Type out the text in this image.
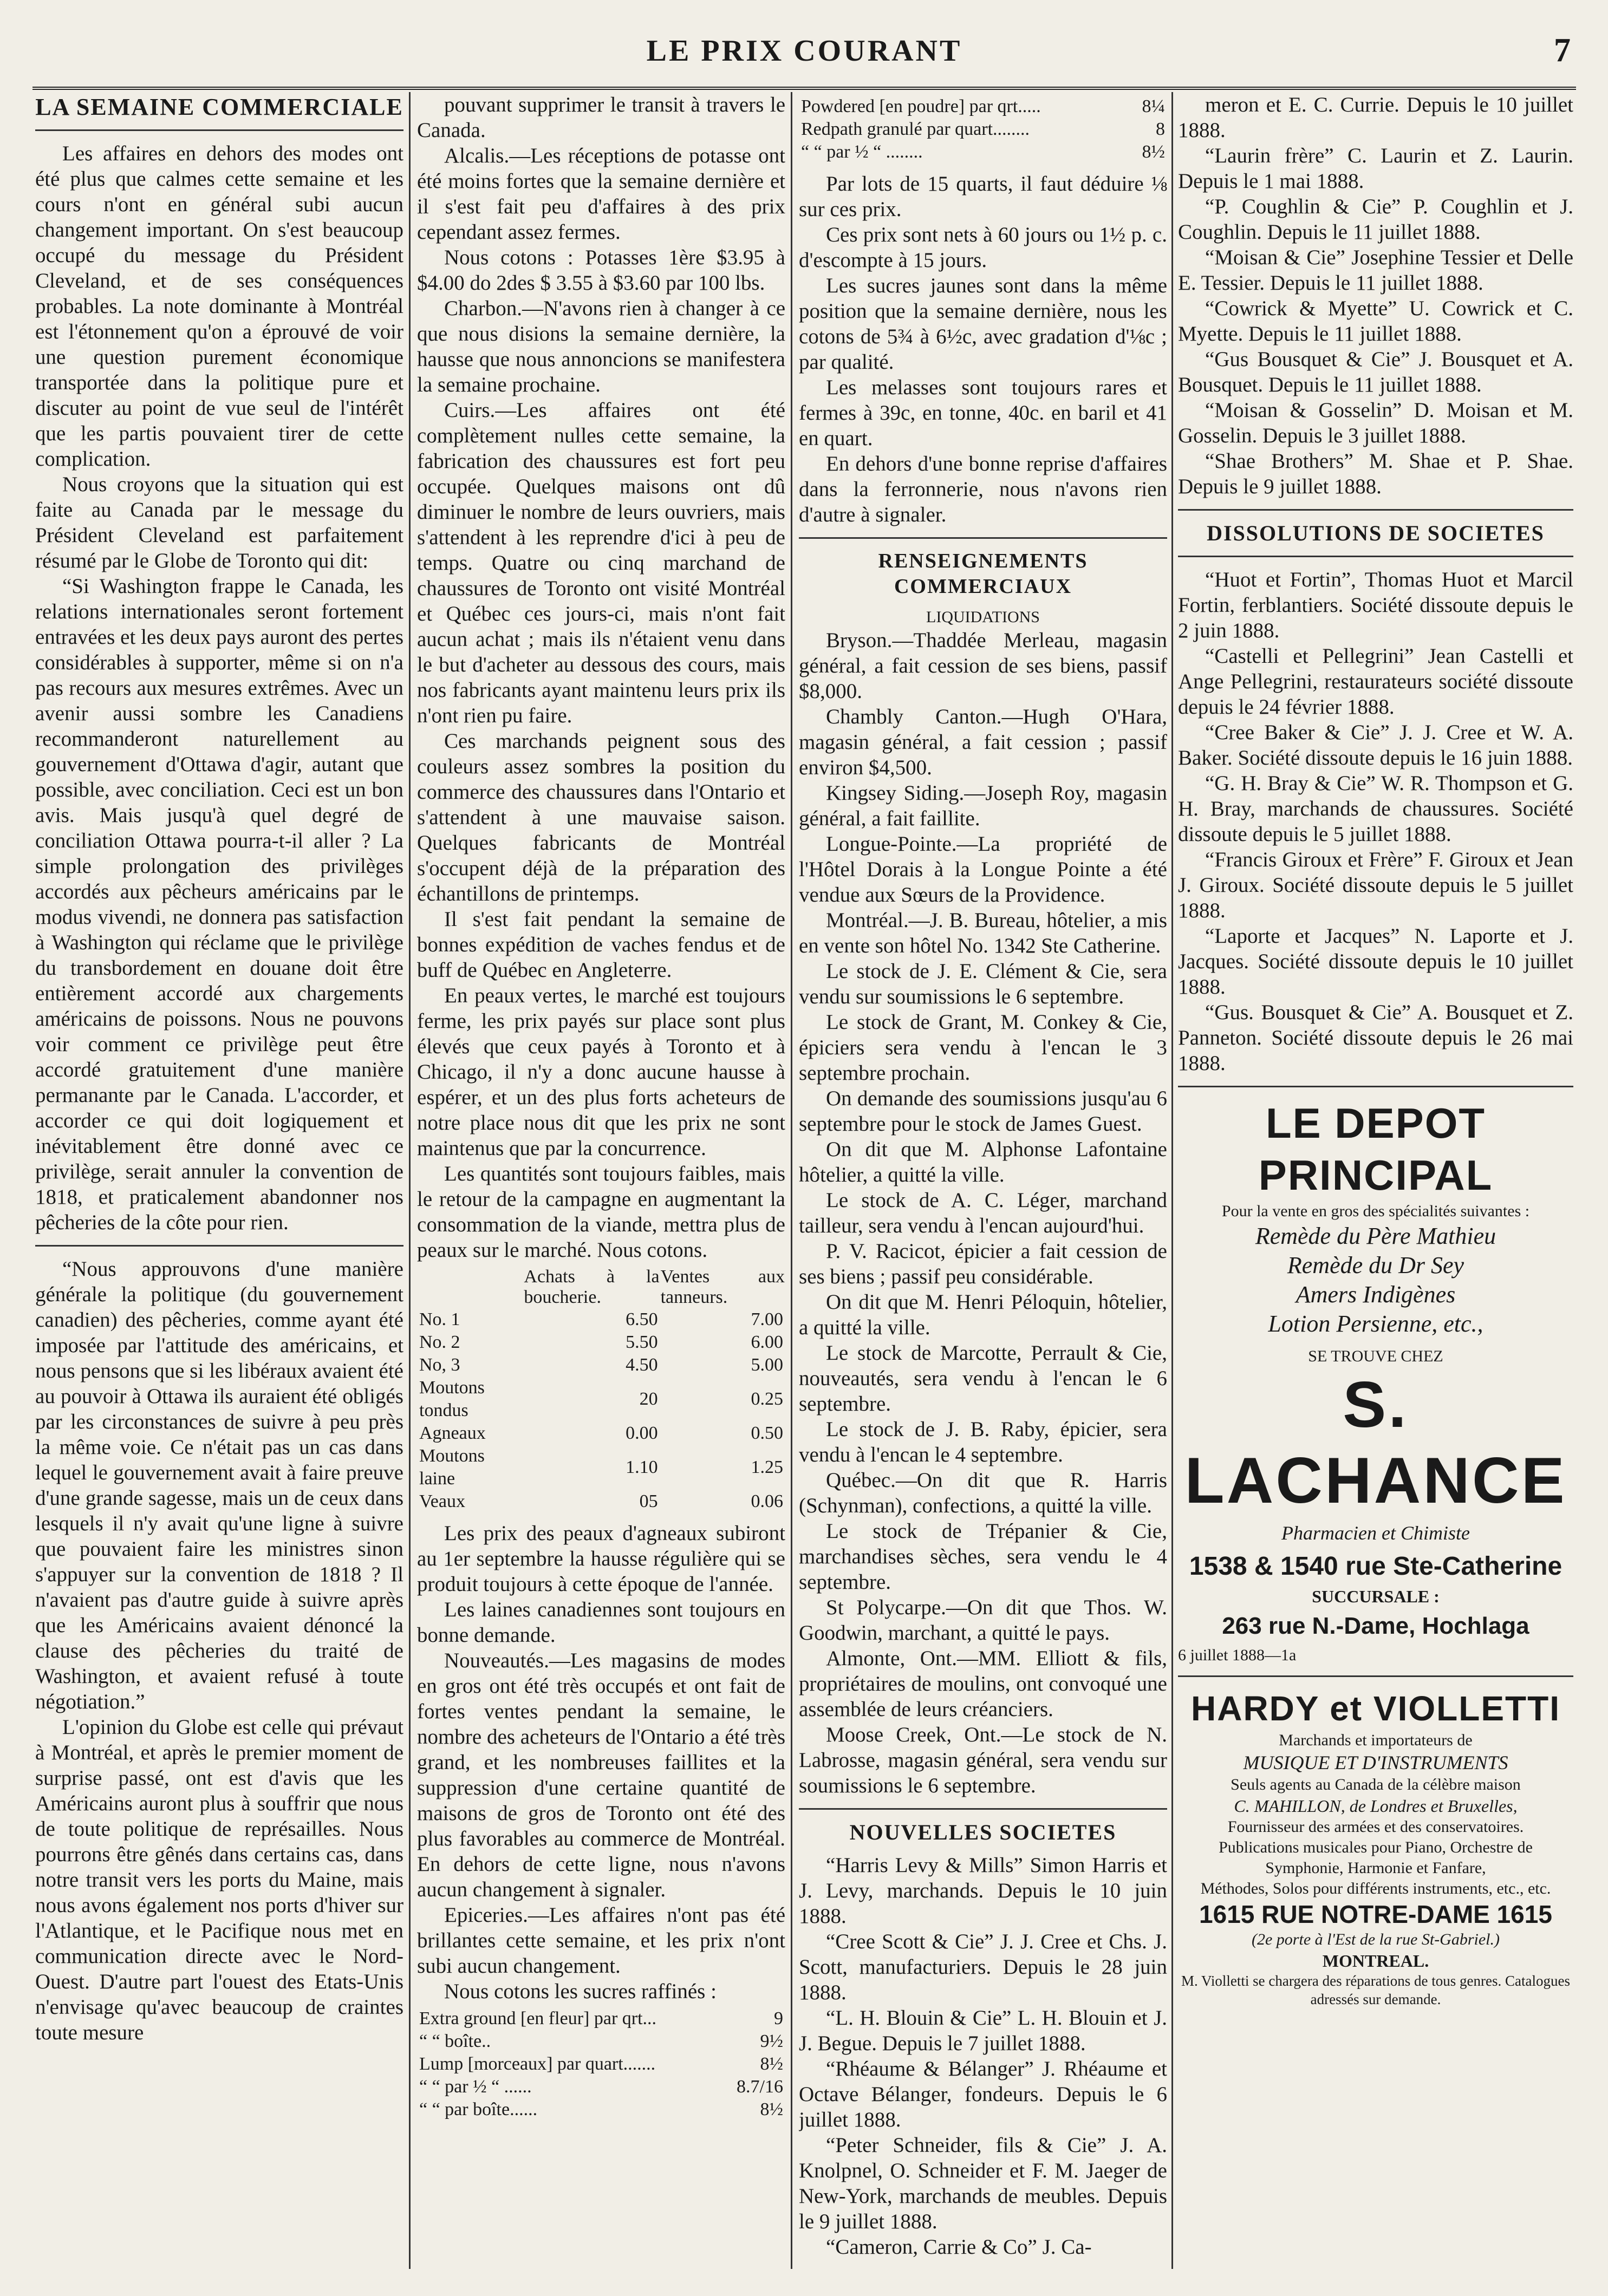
LE PRIX COURANT	7
LA SEMAINE COMMERCIALE

Les affaires en dehors des modes ont été plus que calmes cette semaine et les cours n'ont en général subi aucun changement important. On s'est beaucoup occupé du message du Président Cleveland, et de ses conséquences probables. La note dominante à Montréal est l'étonnement qu'on a éprouvé de voir une question purement économique transportée dans la politique pure et discuter au point de vue seul de l'intérêt que les partis pouvaient tirer de cette complication.

Nous croyons que la situation qui est faite au Canada par le message du Président Cleveland est parfaitement résumé par le Globe de Toronto qui dit:

“Si Washington frappe le Canada, les relations internationales seront fortement entravées et les deux pays auront des pertes considérables à supporter, même si on n'a pas recours aux mesures extrêmes. Avec un avenir aussi sombre les Canadiens recommanderont naturellement au gouvernement d'Ottawa d'agir, autant que possible, avec conciliation. Ceci est un bon avis. Mais jusqu'à quel degré de conciliation Ottawa pourra-t-il aller ? La simple prolongation des privilèges accordés aux pêcheurs américains par le modus vivendi, ne donnera pas satisfaction à Washington qui réclame que le privilège du transbordement en douane doit être entièrement accordé aux chargements américains de poissons. Nous ne pouvons voir comment ce privilège peut être accordé gratuitement d'une manière permanante par le Canada. L'accorder, et accorder ce qui doit logiquement et inévitablement être donné avec ce privilège, serait annuler la convention de 1818, et praticalement abandonner nos pêcheries de la côte pour rien.

“Nous approuvons d'une manière générale la politique (du gouvernement canadien) des pêcheries, comme ayant été imposée par l'attitude des américains, et nous pensons que si les libéraux avaient été au pouvoir à Ottawa ils auraient été obligés par les circonstances de suivre à peu près la même voie. Ce n'était pas un cas dans lequel le gouvernement avait à faire preuve d'une grande sagesse, mais un de ceux dans lesquels il n'y avait qu'une ligne à suivre que pouvaient faire les ministres sinon s'appuyer sur la convention de 1818 ? Il n'avaient pas d'autre guide à suivre après que les Américains avaient dénoncé la clause des pêcheries du traité de Washington, et avaient refusé à toute négotiation.”

L'opinion du Globe est celle qui prévaut à Montréal, et après le premier moment de surprise passé, ont est d'avis que les Américains auront plus à souffrir que nous de toute politique de représailles. Nous pourrons être gênés dans certains cas, dans notre transit vers les ports du Maine, mais nous avons également nos ports d'hiver sur l'Atlantique, et le Pacifique nous met en communication directe avec le Nord-Ouest. D'autre part l'ouest des Etats-Unis n'envisage qu'avec beaucoup de craintes toute mesure

pouvant supprimer le transit à travers le Canada.

Alcalis.—Les réceptions de potasse ont été moins fortes que la semaine dernière et il s'est fait peu d'affaires à des prix cependant assez fermes.

Nous cotons : Potasses 1ère $3.95 à $4.00 do 2des $ 3.55 à $3.60 par 100 lbs.

Charbon.—N'avons rien à changer à ce que nous disions la semaine dernière, la hausse que nous annoncions se manifestera la semaine prochaine.

Cuirs.—Les affaires ont été complètement nulles cette semaine, la fabrication des chaussures est fort peu occupée. Quelques maisons ont dû diminuer le nombre de leurs ouvriers, mais s'attendent à les reprendre d'ici à peu de temps. Quatre ou cinq marchand de chaussures de Toronto ont visité Montréal et Québec ces jours-ci, mais n'ont fait aucun achat ; mais ils n'étaient venu dans le but d'acheter au dessous des cours, mais nos fabricants ayant maintenu leurs prix ils n'ont rien pu faire.

Ces marchands peignent sous des couleurs assez sombres la position du commerce des chaussures dans l'Ontario et s'attendent à une mauvaise saison. Quelques fabricants de Montréal s'occupent déjà de la préparation des échantillons de printemps.

Il s'est fait pendant la semaine de bonnes expédition de vaches fendus et de buff de Québec en Angleterre.

En peaux vertes, le marché est toujours ferme, les prix payés sur place sont plus élevés que ceux payés à Toronto et à Chicago, il n'y a donc aucune hausse à espérer, et un des plus forts acheteurs de notre place nous dit que les prix ne sont maintenus que par la concurrence.

Les quantités sont toujours faibles, mais le retour de la campagne en augmentant la consommation de la viande, mettra plus de peaux sur le marché. Nous cotons.

	Achats à la boucherie.	Ventes aux tanneurs.
No. 1	6.50	7.00
No. 2	5.50	6.00
No, 3	4.50	5.00
Moutons tondus	20	0.25
Agneaux	0.00	0.50
Moutons laine	1.10	1.25
Veaux	05	0.06

Les prix des peaux d'agneaux subiront au 1er septembre la hausse régulière qui se produit toujours à cette époque de l'année.

Les laines canadiennes sont toujours en bonne demande.

Nouveautés.—Les magasins de modes en gros ont été très occupés et ont fait de fortes ventes pendant la semaine, le nombre des acheteurs de l'Ontario a été très grand, et les nombreuses faillites et la suppression d'une certaine quantité de maisons de gros de Toronto ont été des plus favorables au commerce de Montréal. En dehors de cette ligne, nous n'avons aucun changement à signaler.

Epiceries.—Les affaires n'ont pas été brillantes cette semaine, et les prix n'ont subi aucun changement.

Nous cotons les sucres raffinés :

Extra ground [en fleur] par qrt...	9
“ “ boîte..	9½
Lump [morceaux] par quart.......	8½
“ “ par ½ “ ......	8.7/16
“ “ par boîte......	8½
Powdered [en poudre] par qrt.....	8¼
Redpath granulé par quart........	8
“ “ par ½ “ ........	8½

Par lots de 15 quarts, il faut déduire ⅛ sur ces prix.

Ces prix sont nets à 60 jours ou 1½ p. c. d'escompte à 15 jours.

Les sucres jaunes sont dans la même position que la semaine dernière, nous les cotons de 5¾ à 6½c, avec gradation d'⅛c ; par qualité.

Les melasses sont toujours rares et fermes à 39c, en tonne, 40c. en baril et 41 en quart.

En dehors d'une bonne reprise d'affaires dans la ferronnerie, nous n'avons rien d'autre à signaler.

RENSEIGNEMENTS COMMERCIAUX

LIQUIDATIONS

Bryson.—Thaddée Merleau, magasin général, a fait cession de ses biens, passif $8,000.

Chambly Canton.—Hugh O'Hara, magasin général, a fait cession ; passif environ $4,500.

Kingsey Siding.—Joseph Roy, magasin général, a fait faillite.

Longue-Pointe.—La propriété de l'Hôtel Dorais à la Longue Pointe a été vendue aux Sœurs de la Providence.

Montréal.—J. B. Bureau, hôtelier, a mis en vente son hôtel No. 1342 Ste Catherine.

Le stock de J. E. Clément & Cie, sera vendu sur soumissions le 6 septembre.

Le stock de Grant, M. Conkey & Cie, épiciers sera vendu à l'encan le 3 septembre prochain.

On demande des soumissions jusqu'au 6 septembre pour le stock de James Guest.

On dit que M. Alphonse Lafontaine hôtelier, a quitté la ville.

Le stock de A. C. Léger, marchand tailleur, sera vendu à l'encan aujourd'hui.

P. V. Racicot, épicier a fait cession de ses biens ; passif peu considérable.

On dit que M. Henri Péloquin, hôtelier, a quitté la ville.

Le stock de Marcotte, Perrault & Cie, nouveautés, sera vendu à l'encan le 6 septembre.

Le stock de J. B. Raby, épicier, sera vendu à l'encan le 4 septembre.

Québec.—On dit que R. Harris (Schynman), confections, a quitté la ville.

Le stock de Trépanier & Cie, marchandises sèches, sera vendu le 4 septembre.

St Polycarpe.—On dit que Thos. W. Goodwin, marchant, a quitté le pays.

Almonte, Ont.—MM. Elliott & fils, propriétaires de moulins, ont convoqué une assemblée de leurs créanciers.

Moose Creek, Ont.—Le stock de N. Labrosse, magasin général, sera vendu sur soumissions le 6 septembre.

NOUVELLES SOCIETES

“Harris Levy & Mills” Simon Harris et J. Levy, marchands. Depuis le 10 juin 1888.

“Cree Scott & Cie” J. J. Cree et Chs. J. Scott, manufacturiers. Depuis le 28 juin 1888.

“L. H. Blouin & Cie” L. H. Blouin et J. J. Begue. Depuis le 7 juillet 1888.

“Rhéaume & Bélanger” J. Rhéaume et Octave Bélanger, fondeurs. Depuis le 6 juillet 1888.

“Peter Schneider, fils & Cie” J. A. Knolpnel, O. Schneider et F. M. Jaeger de New-York, marchands de meubles. Depuis le 9 juillet 1888.

“Cameron, Carrie & Co” J. Ca-

meron et E. C. Currie. Depuis le 10 juillet 1888.

“Laurin frère” C. Laurin et Z. Laurin. Depuis le 1 mai 1888.

“P. Coughlin & Cie” P. Coughlin et J. Coughlin. Depuis le 11 juillet 1888.

“Moisan & Cie” Josephine Tessier et Delle E. Tessier. Depuis le 11 juillet 1888.

“Cowrick & Myette” U. Cowrick et C. Myette. Depuis le 11 juillet 1888.

“Gus Bousquet & Cie” J. Bousquet et A. Bousquet. Depuis le 11 juillet 1888.

“Moisan & Gosselin” D. Moisan et M. Gosselin. Depuis le 3 juillet 1888.

“Shae Brothers” M. Shae et P. Shae. Depuis le 9 juillet 1888.

DISSOLUTIONS DE SOCIETES

“Huot et Fortin”, Thomas Huot et Marcil Fortin, ferblantiers. Société dissoute depuis le 2 juin 1888.

“Castelli et Pellegrini” Jean Castelli et Ange Pellegrini, restaurateurs société dissoute depuis le 24 février 1888.

“Cree Baker & Cie” J. J. Cree et W. A. Baker. Société dissoute depuis le 16 juin 1888.

“G. H. Bray & Cie” W. R. Thompson et G. H. Bray, marchands de chaussures. Société dissoute depuis le 5 juillet 1888.

“Francis Giroux et Frère” F. Giroux et Jean J. Giroux. Société dissoute depuis le 5 juillet 1888.

“Laporte et Jacques” N. Laporte et J. Jacques. Société dissoute depuis le 10 juillet 1888.

“Gus. Bousquet & Cie” A. Bousquet et Z. Panneton. Société dissoute depuis le 26 mai 1888.

LE DEPOT PRINCIPAL
Pour la vente en gros des spécialités suivantes :
Remède du Père Mathieu
Remède du Dr Sey
Amers Indigènes
Lotion Persienne, etc.,
SE TROUVE CHEZ
S. LACHANCE
Pharmacien et Chimiste
1538 & 1540 rue Ste-Catherine
SUCCURSALE :
263 rue N.-Dame, Hochlaga
6 juillet 1888—1a
HARDY et VIOLLETTI
Marchands et importateurs de
MUSIQUE ET D'INSTRUMENTS
Seuls agents au Canada de la célèbre maison
C. MAHILLON, de Londres et Bruxelles,
Fournisseur des armées et des conservatoires.
Publications musicales pour Piano, Orchestre de Symphonie, Harmonie et Fanfare,
Méthodes, Solos pour différents instruments, etc., etc.
1615 RUE NOTRE-DAME 1615
(2e porte à l'Est de la rue St-Gabriel.)
MONTREAL.
M. Violletti se chargera des réparations de tous genres. Catalogues adressés sur demande.
